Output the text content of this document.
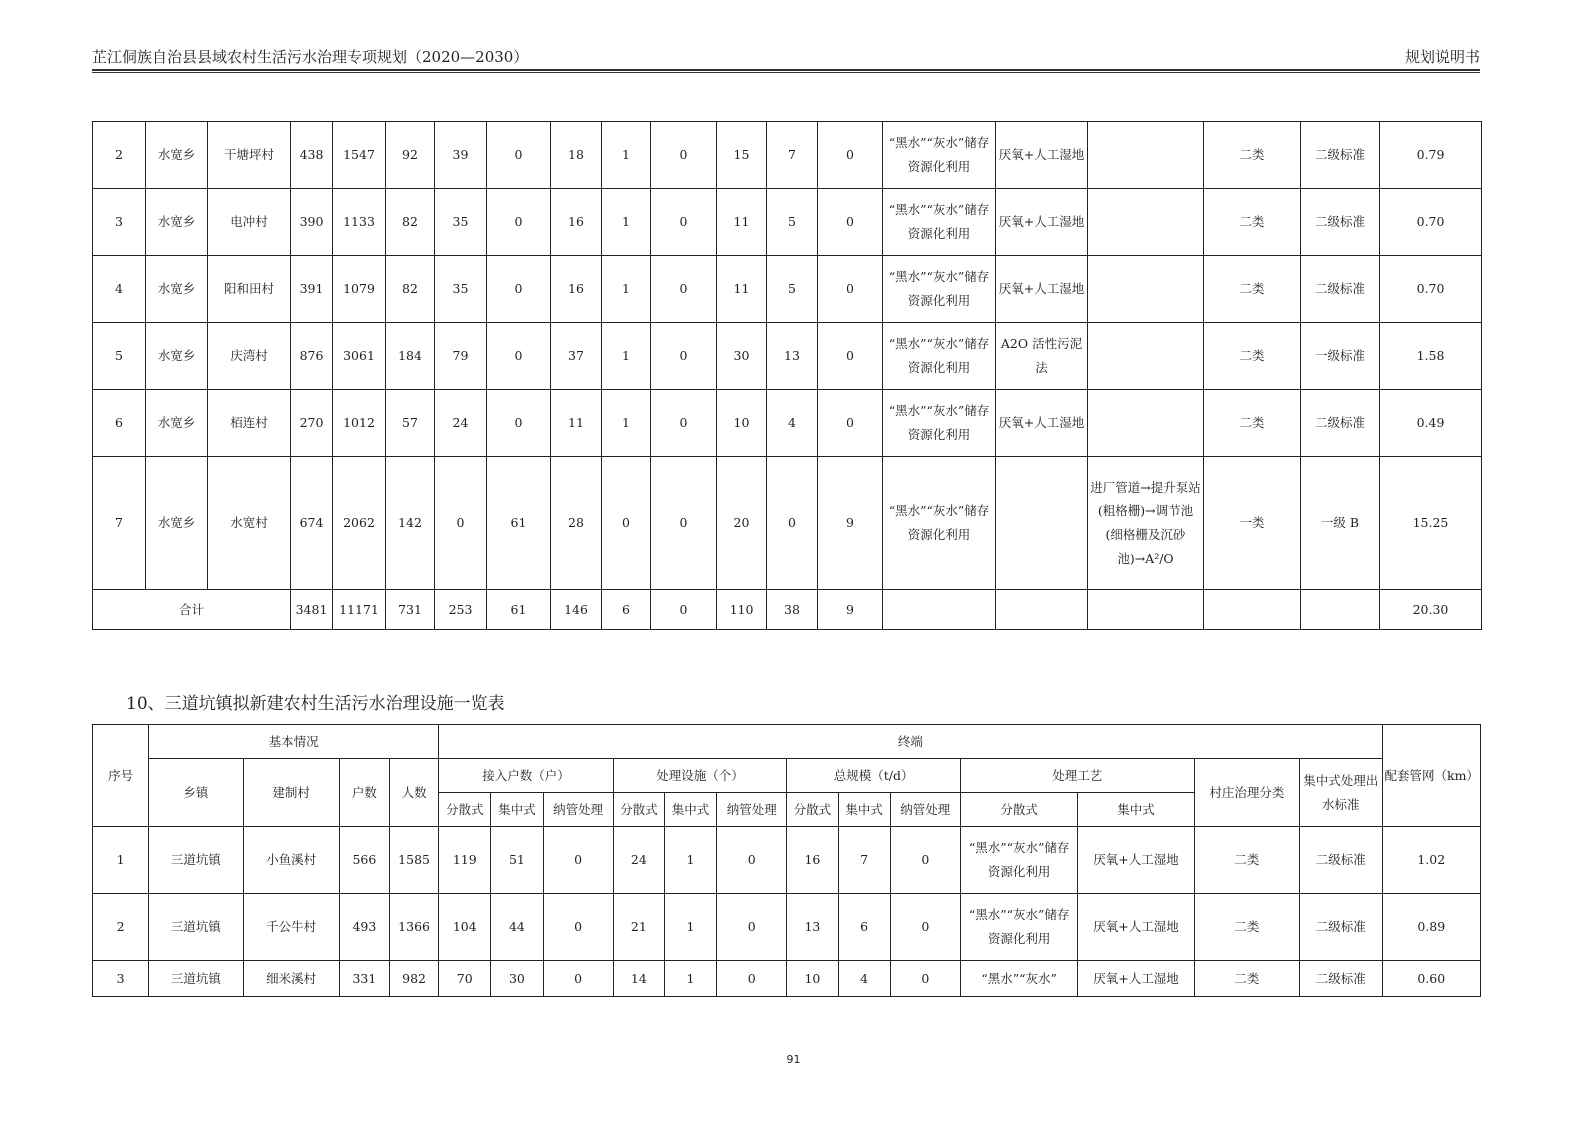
芷江侗族自治县县域农村生活污水治理专项规划（2020—2030）	规划说明书
2	水宽乡	干塘坪村	438	1547	92	39	0	18	1	0	15	7	0	“黑水”“灰水”储存资源化利用	厌氧+人工湿地		二类	二级标准	0.79
3	水宽乡	电冲村	390	1133	82	35	0	16	1	0	11	5	0	“黑水”“灰水”储存资源化利用	厌氧+人工湿地		二类	二级标准	0.70
4	水宽乡	阳和田村	391	1079	82	35	0	16	1	0	11	5	0	“黑水”“灰水”储存资源化利用	厌氧+人工湿地		二类	二级标准	0.70
5	水宽乡	庆湾村	876	3061	184	79	0	37	1	0	30	13	0	“黑水”“灰水”储存资源化利用	A2O 活性污泥法		二类	一级标准	1.58
6	水宽乡	栢连村	270	1012	57	24	0	11	1	0	10	4	0	“黑水”“灰水”储存资源化利用	厌氧+人工湿地		二类	二级标准	0.49
7	水宽乡	水宽村	674	2062	142	0	61	28	0	0	20	0	9	“黑水”“灰水”储存资源化利用		进厂管道→提升泵站(粗格栅)→调节池(细格栅及沉砂池)→A²/O	一类	一级 B	15.25
合计			3481	11171	731	253	61	146	6	0	110	38	9						20.30
10、三道坑镇拟新建农村生活污水治理设施一览表
序号	基本情况				终端													配套管网（km）
	乡镇	建制村	户数	人数	接入户数（户）			处理设施（个）			总规模（t/d）			处理工艺		村庄治理分类	集中式处理出水标准	
					分散式	集中式	纳管处理	分散式	集中式	纳管处理	分散式	集中式	纳管处理	分散式	集中式			
1	三道坑镇	小鱼溪村	566	1585	119	51	0	24	1	0	16	7	0	“黑水”“灰水”储存资源化利用	厌氧+人工湿地	二类	二级标准	1.02
2	三道坑镇	千公牛村	493	1366	104	44	0	21	1	0	13	6	0	“黑水”“灰水”储存资源化利用	厌氧+人工湿地	二类	二级标准	0.89
3	三道坑镇	细米溪村	331	982	70	30	0	14	1	0	10	4	0	“黑水”“灰水”	厌氧+人工湿地	二类	二级标准	0.60
91
